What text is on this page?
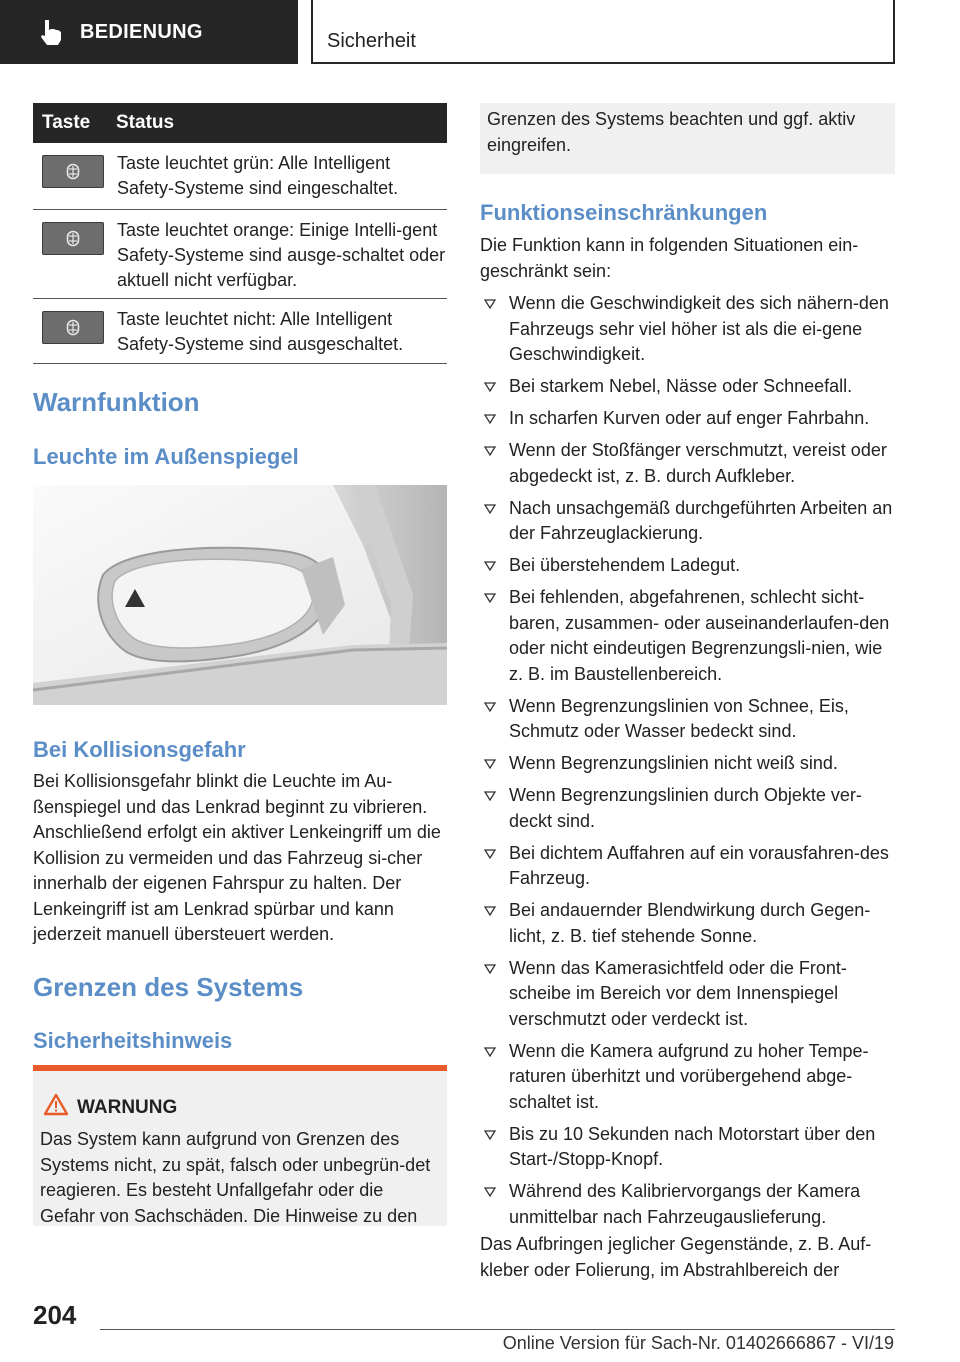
BEDIENUNG	Sicherheit
Taste	Status
Taste leuchtet grün: Alle Intelligent Safety-Systeme sind eingeschaltet.
Taste leuchtet orange: Einige Intelli-gent Safety-Systeme sind ausge-schaltet oder aktuell nicht verfügbar.
Taste leuchtet nicht: Alle Intelligent Safety-Systeme sind ausgeschaltet.
Warnfunktion
Leuchte im Außenspiegel
Bei Kollisionsgefahr
Bei Kollisionsgefahr blinkt die Leuchte im Au-ßenspiegel und das Lenkrad beginnt zu vibrieren. Anschließend erfolgt ein aktiver Lenkeingriff um die Kollision zu vermeiden und das Fahrzeug si-cher innerhalb der eigenen Fahrspur zu halten. Der Lenkeingriff ist am Lenkrad spürbar und kann jederzeit manuell übersteuert werden.
Grenzen des Systems
Sicherheitshinweis
WARNUNG
Das System kann aufgrund von Grenzen des Systems nicht, zu spät, falsch oder unbegrün-det reagieren. Es besteht Unfallgefahr oder die Gefahr von Sachschäden. Die Hinweise zu den
Grenzen des Systems beachten und ggf. aktiv eingreifen.
Funktionseinschränkungen
Die Funktion kann in folgenden Situationen ein-geschränkt sein:
Wenn die Geschwindigkeit des sich nähern-den Fahrzeugs sehr viel höher ist als die ei-gene Geschwindigkeit.
Bei starkem Nebel, Nässe oder Schneefall.
In scharfen Kurven oder auf enger Fahrbahn.
Wenn der Stoßfänger verschmutzt, vereist oder abgedeckt ist, z. B. durch Aufkleber.
Nach unsachgemäß durchgeführten Arbeiten an der Fahrzeuglackierung.
Bei überstehendem Ladegut.
Bei fehlenden, abgefahrenen, schlecht sicht-baren, zusammen- oder auseinanderlaufen-den oder nicht eindeutigen Begrenzungsli-nien, wie z. B. im Baustellenbereich.
Wenn Begrenzungslinien von Schnee, Eis, Schmutz oder Wasser bedeckt sind.
Wenn Begrenzungslinien nicht weiß sind.
Wenn Begrenzungslinien durch Objekte ver-deckt sind.
Bei dichtem Auffahren auf ein vorausfahren-des Fahrzeug.
Bei andauernder Blendwirkung durch Gegen-licht, z. B. tief stehende Sonne.
Wenn das Kamerasichtfeld oder die Front-scheibe im Bereich vor dem Innenspiegel verschmutzt oder verdeckt ist.
Wenn die Kamera aufgrund zu hoher Tempe-raturen überhitzt und vorübergehend abge-schaltet ist.
Bis zu 10 Sekunden nach Motorstart über den Start-/Stopp-Knopf.
Während des Kalibriervorgangs der Kamera unmittelbar nach Fahrzeugauslieferung.
Das Aufbringen jeglicher Gegenstände, z. B. Auf-kleber oder Folierung, im Abstrahlbereich der
204
Online Version für Sach-Nr. 01402666867 - VI/19
